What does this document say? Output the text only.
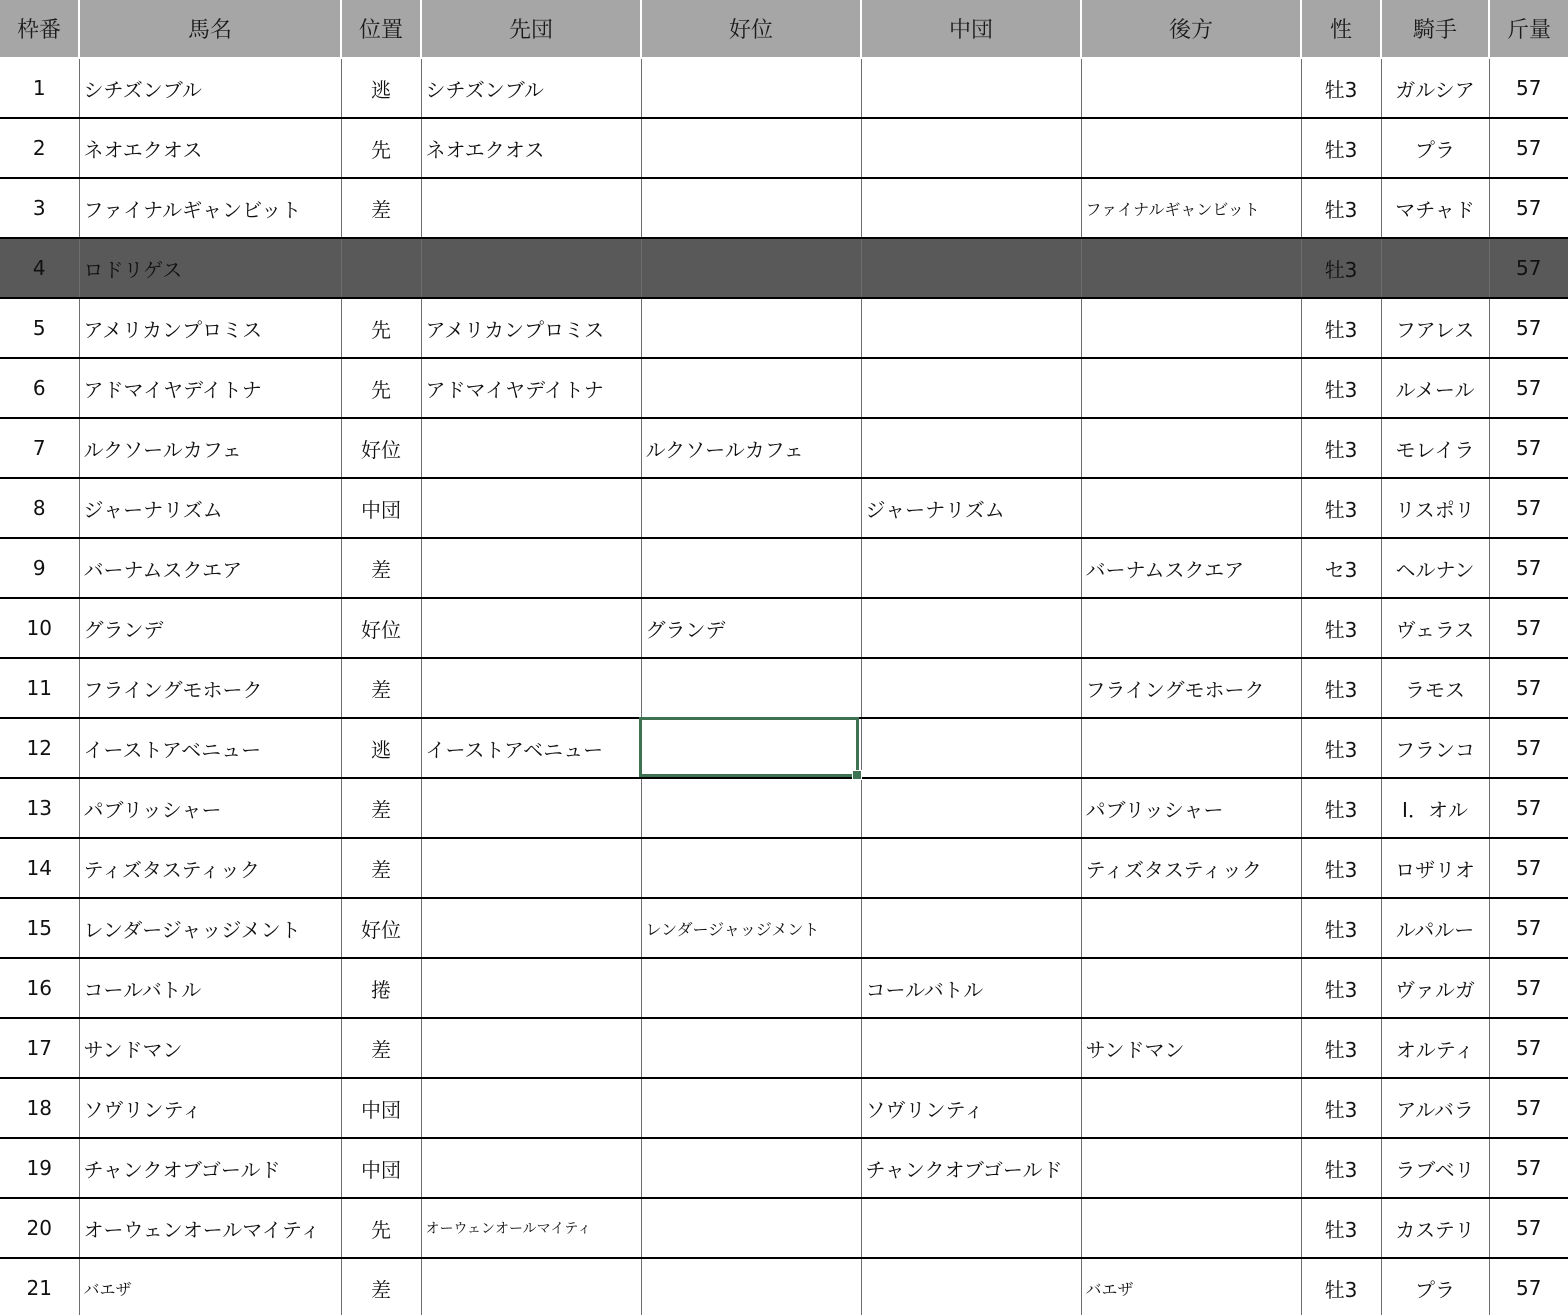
枠番	馬名	位置	先団	好位	中団	後方	性	騎手	斤量
1	シチズンブル	逃	シチズンブル				牡3	ガルシア	57
2	ネオエクオス	先	ネオエクオス				牡3	プラ	57
3	ファイナルギャンビット	差				ファイナルギャンビット	牡3	マチャド	57
4	ロドリゲス						牡3		57
5	アメリカンプロミス	先	アメリカンプロミス				牡3	フアレス	57
6	アドマイヤデイトナ	先	アドマイヤデイトナ				牡3	ルメール	57
7	ルクソールカフェ	好位		ルクソールカフェ			牡3	モレイラ	57
8	ジャーナリズム	中団			ジャーナリズム		牡3	リスポリ	57
9	バーナムスクエア	差				バーナムスクエア	セ3	ヘルナン	57
10	グランデ	好位		グランデ			牡3	ヴェラス	57
11	フライングモホーク	差				フライングモホーク	牡3	ラモス	57
12	イーストアベニュー	逃	イーストアベニュー				牡3	フランコ	57
13	パブリッシャー	差				パブリッシャー	牡3	I．オル	57
14	ティズタスティック	差				ティズタスティック	牡3	ロザリオ	57
15	レンダージャッジメント	好位		レンダージャッジメント			牡3	ルパルー	57
16	コールバトル	捲			コールバトル		牡3	ヴァルガ	57
17	サンドマン	差				サンドマン	牡3	オルティ	57
18	ソヴリンティ	中団			ソヴリンティ		牡3	アルバラ	57
19	チャンクオブゴールド	中団			チャンクオブゴールド		牡3	ラブベリ	57
20	オーウェンオールマイティ	先	オーウェンオールマイティ				牡3	カステリ	57
21	バエザ	差				バエザ	牡3	プラ	57
